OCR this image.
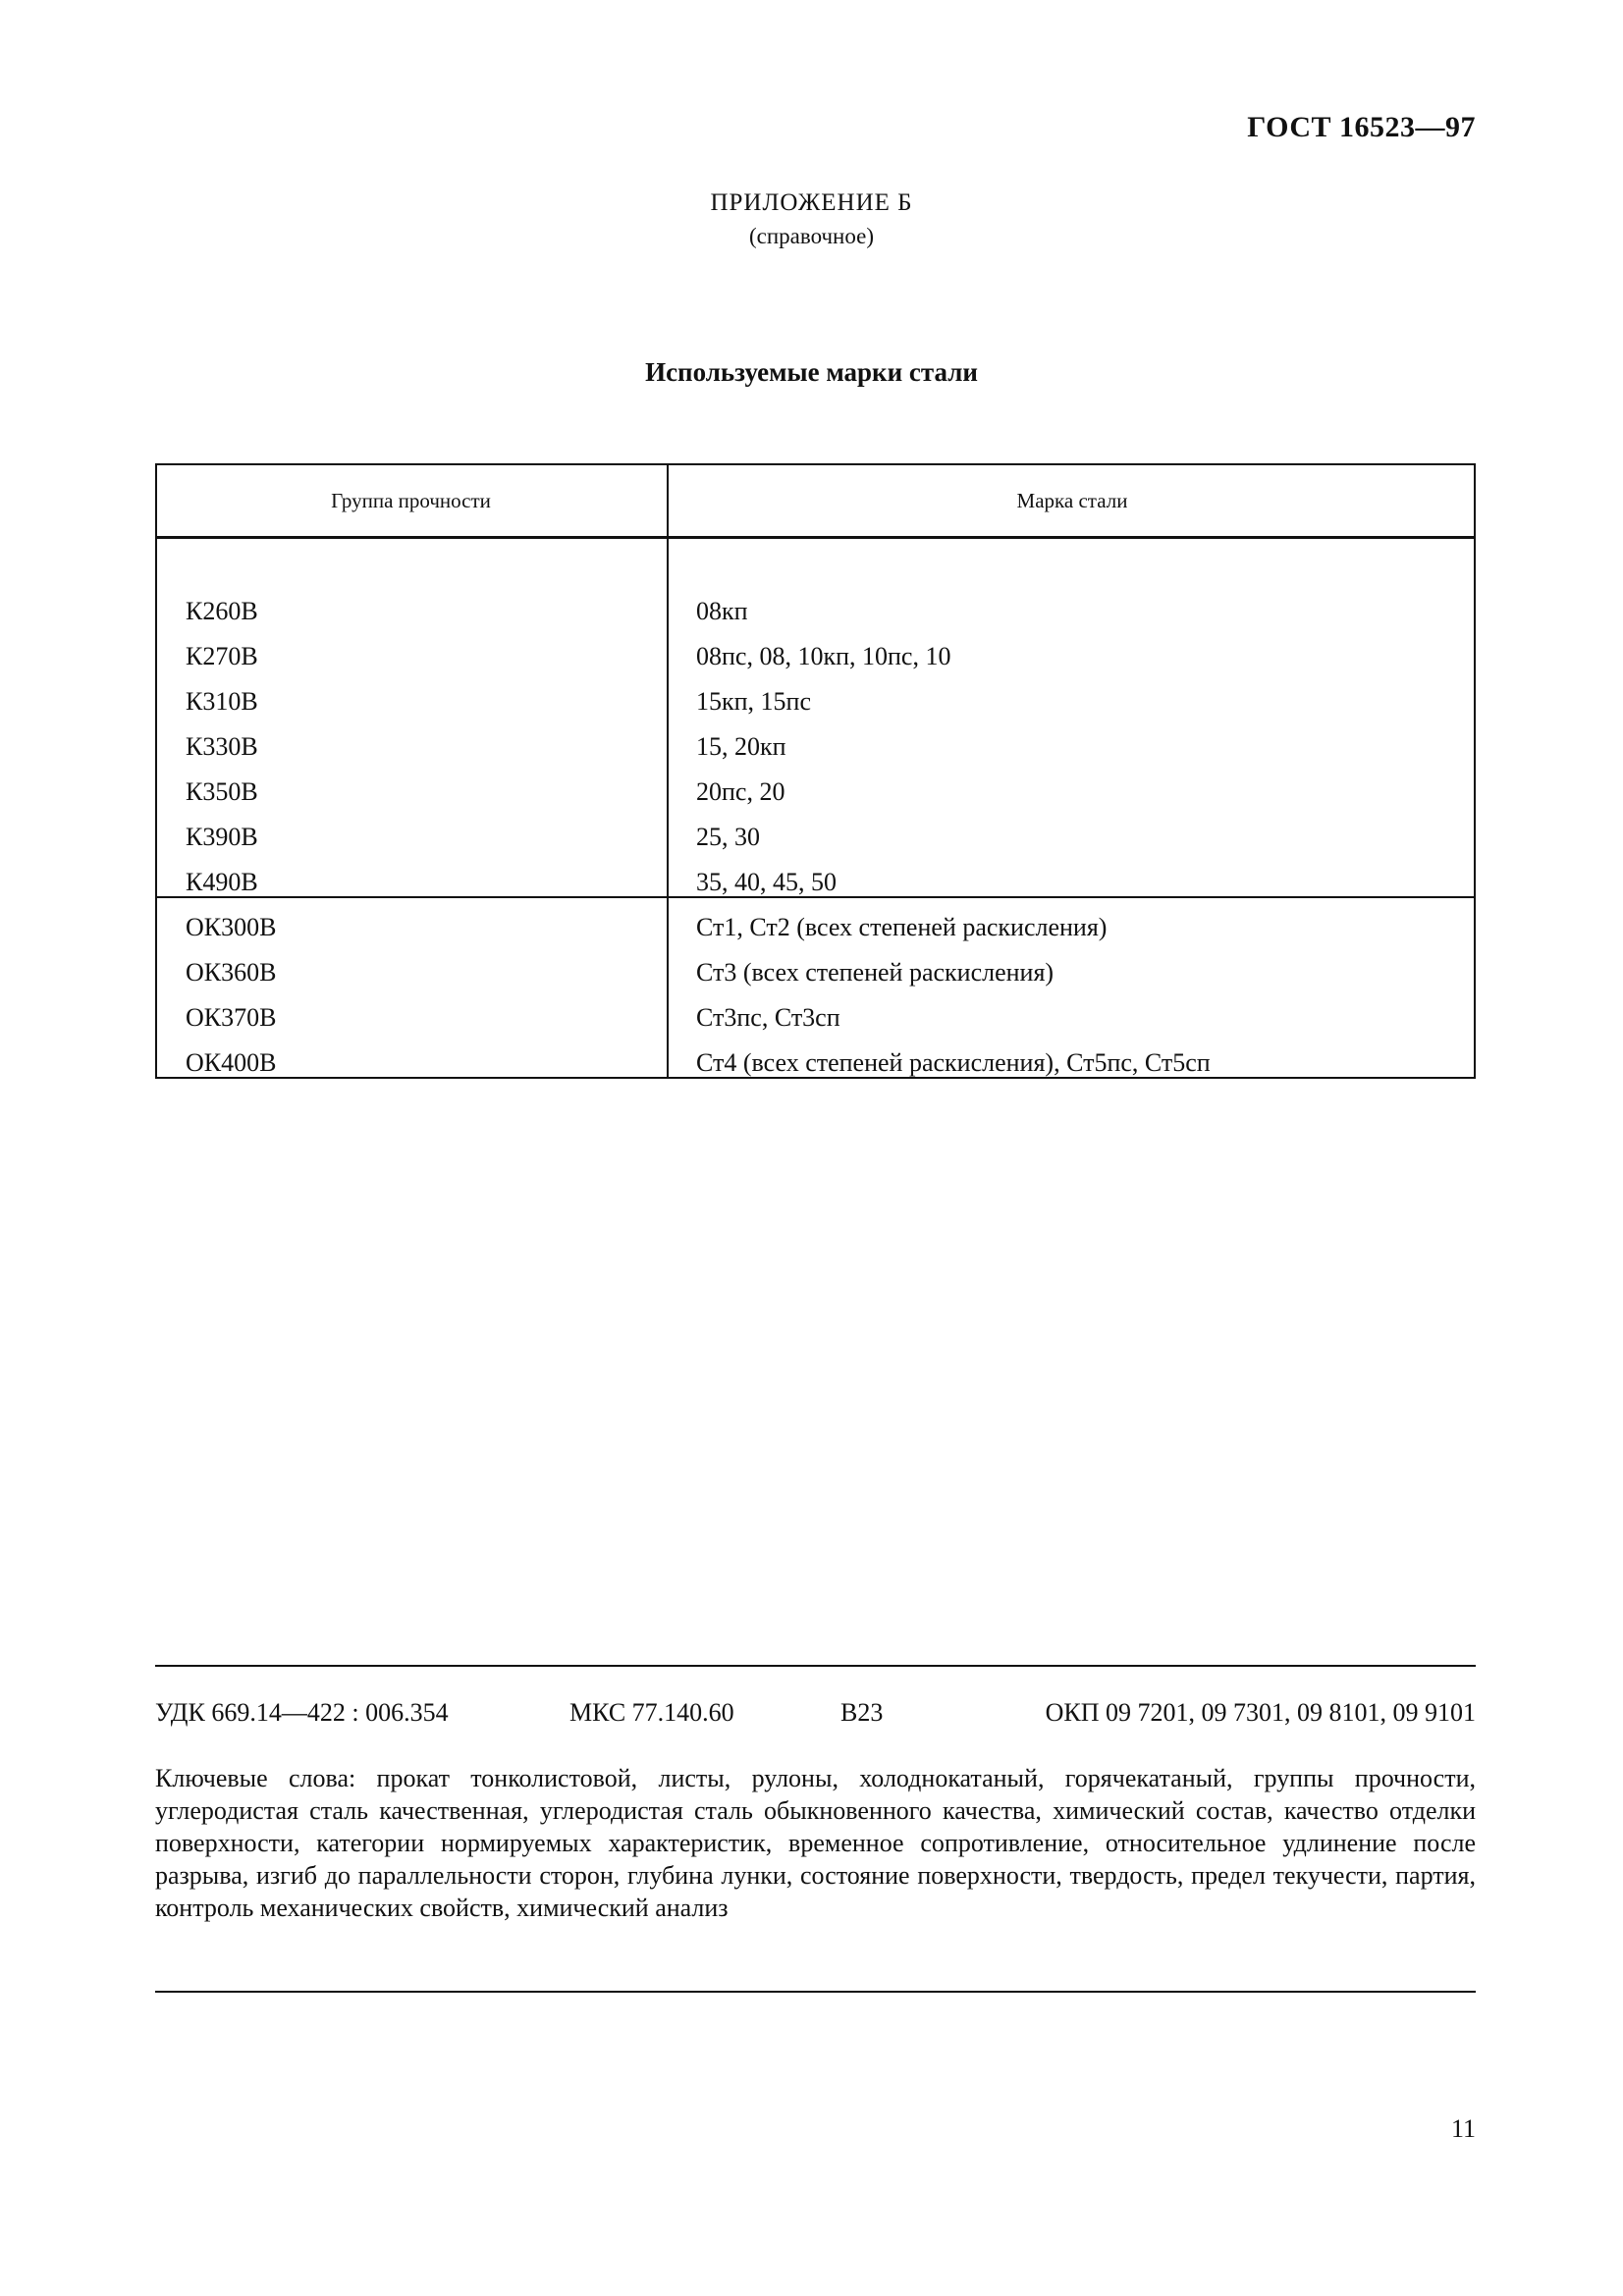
ГОСТ 16523—97
ПРИЛОЖЕНИЕ Б
(справочное)
Используемые марки стали
Группа прочности	Марка стали
К260В	08кп
К270В	08пс, 08, 10кп, 10пс, 10
К310В	15кп, 15пс
К330В	15, 20кп
К350В	20пс, 20
К390В	25, 30
К490В	35, 40, 45, 50
ОК300В	Ст1, Ст2 (всех степеней раскисления)
ОК360В	Ст3 (всех степеней раскисления)
ОК370В	Ст3пс, Ст3сп
ОК400В	Ст4 (всех степеней раскисления), Ст5пс, Ст5сп
УДК 669.14—422 : 006.354	МКС 77.140.60	В23	ОКП 09 7201, 09 7301, 09 8101, 09 9101
Ключевые слова: прокат тонколистовой, листы, рулоны, холоднокатаный, горячекатаный, группы прочности, углеродистая сталь качественная, углеродистая сталь обыкновенного качества, химический состав, качество отделки поверхности, категории нормируемых характеристик, временное сопротивление, относительное удлинение после разрыва, изгиб до параллельности сторон, глубина лунки, состояние поверхности, твердость, предел текучести, партия, контроль механических свойств, химический анализ
11
